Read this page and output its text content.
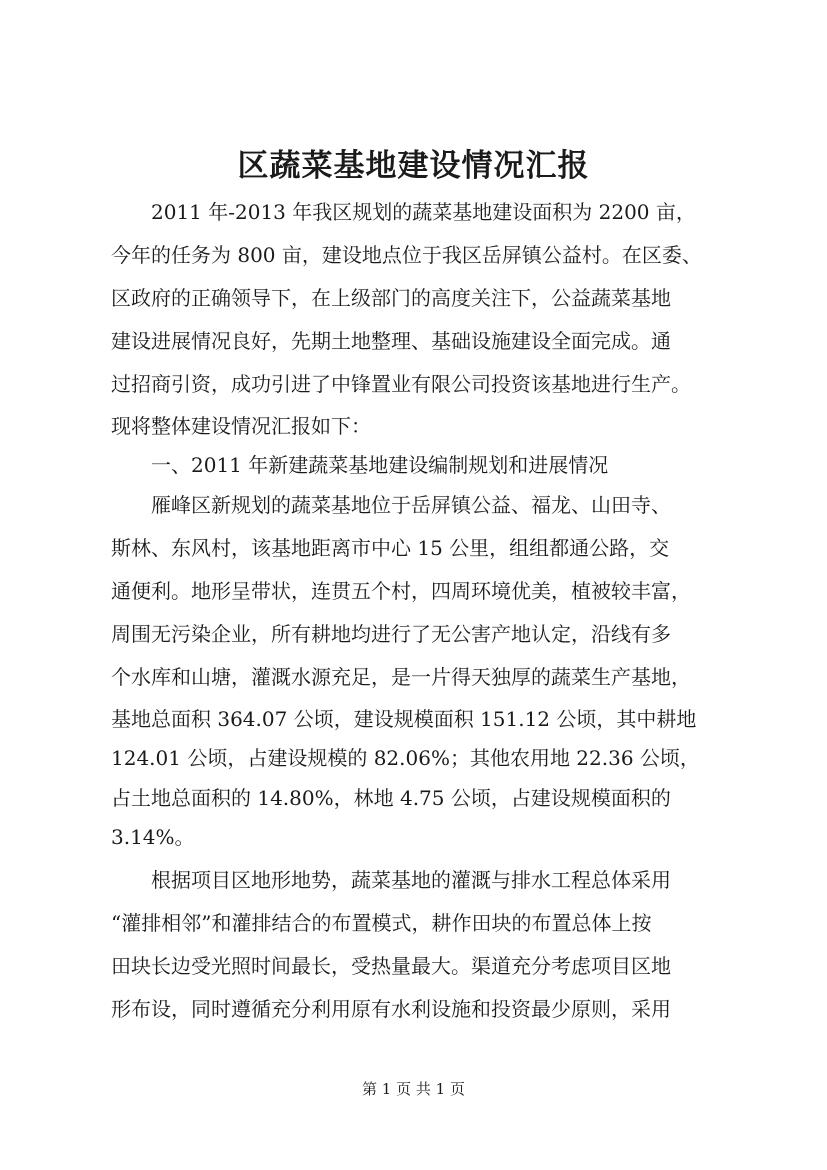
区蔬菜基地建设情况汇报
　　2011 年-2013 年我区规划的蔬菜基地建设面积为 2200 亩，
今年的任务为 800 亩，建设地点位于我区岳屏镇公益村。在区委、
区政府的正确领导下，在上级部门的高度关注下，公益蔬菜基地
建设进展情况良好，先期土地整理、基础设施建设全面完成。通
过招商引资，成功引进了中锋置业有限公司投资该基地进行生产。
现将整体建设情况汇报如下：
　　一、2011 年新建蔬菜基地建设编制规划和进展情况
　　雁峰区新规划的蔬菜基地位于岳屏镇公益、福龙、山田寺、
斯林、东风村，该基地距离市中心 15 公里，组组都通公路，交
通便利。地形呈带状，连贯五个村，四周环境优美，植被较丰富，
周围无污染企业，所有耕地均进行了无公害产地认定，沿线有多
个水库和山塘，灌溉水源充足，是一片得天独厚的蔬菜生产基地，
基地总面积 364.07 公顷，建设规模面积 151.12 公顷，其中耕地
124.01 公顷，占建设规模的 82.06%；其他农用地 22.36 公顷，
占土地总面积的 14.80%，林地 4.75 公顷，占建设规模面积的
3.14%。
　　根据项目区地形地势，蔬菜基地的灌溉与排水工程总体采用
“灌排相邻”和灌排结合的布置模式，耕作田块的布置总体上按
田块长边受光照时间最长，受热量最大。渠道充分考虑项目区地
形布设，同时遵循充分利用原有水利设施和投资最少原则，采用
第 1 页 共 1 页
